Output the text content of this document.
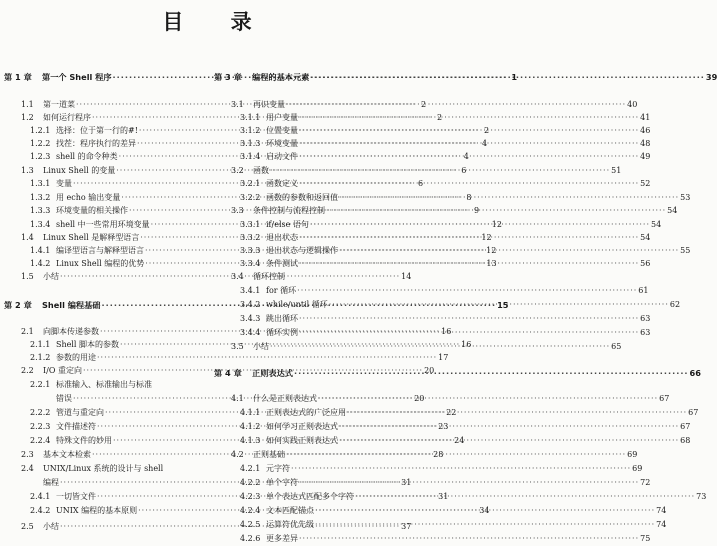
目 录
第 1 章	第一个 Shell 程序 ·····	1
1.1	第一道菜 ·····	2
1.2	如何运行程序 ·····	2
1.2.1 选择：位于第一行的#! ·····	2
1.2.2 找茬：程序执行的差异 ·····	4
1.2.3 shell 的命令种类 ·····	4
1.3	Linux Shell 的变量 ·····	6
1.3.1 变量 ·····	6
1.3.2 用 echo 输出变量 ·····	8
1.3.3 环境变量的相关操作 ·····	9
1.3.4 shell 中一些常用环境变量 ·····	12
1.4	Linux Shell 是解释型语言 ·····	12
1.4.1 编译型语言与解释型语言 ·····	12
1.4.2 Linux Shell 编程的优势 ·····	13
1.5	小结 ·····	14
第 2 章	Shell 编程基础 ·····	15
2.1	向脚本传递参数 ·····	16
2.1.1 Shell 脚本的参数 ·····	16
2.1.2 参数的用途 ·····	17
2.2	I/O 重定向 ·····	20
2.2.1 标准输入、标准输出与标准
错误 ·····	20
2.2.2 管道与重定向 ·····	22
2.2.3 文件描述符 ·····	23
2.2.4 特殊文件的妙用 ·····	24
2.3	基本文本检索 ·····	28
2.4	UNIX/Linux 系统的设计与 shell
编程 ·····	31
2.4.1 一切皆文件 ·····	31
2.4.2 UNIX 编程的基本原则 ·····	34
2.5	小结 ·····	37
第 3 章	编程的基本元素 ·····	39
3.1	再识变量 ·····	40
3.1.1 用户变量 ·····	41
3.1.2 位置变量 ·····	46
3.1.3 环境变量 ·····	48
3.1.4 启动文件 ·····	49
3.2	函数 ·····	51
3.2.1 函数定义 ·····	52
3.2.2 函数的参数和返回值 ·····	53
3.3	条件控制与流程控制 ·····	54
3.3.1 if/else 语句 ·····	54
3.3.2 退出状态 ·····	54
3.3.3 退出状态与逻辑操作 ·····	55
3.3.4 条件测试 ·····	56
3.4	循环控制
3.4.1 for 循环 ·····	61
3.4.2 while/until 循环 ·····	62
3.4.3 跳出循环 ·····	63
3.4.4 循环实例 ·····	63
3.5	小结 ·····	65
第 4 章	正则表达式 ·····	66
4.1	什么是正则表达式 ·····	67
4.1.1 正则表达式的广泛应用 ·····	67
4.1.2 如何学习正则表达式 ·····	67
4.1.3 如何实践正则表达式 ·····	68
4.2	正则基础 ·····	69
4.2.1 元字符 ·····	69
4.2.2 单个字符 ·····	72
4.2.3 单个表达式匹配多个字符 ·····	73
4.2.4 文本匹配锚点 ·····	74
4.2.5 运算符优先级 ·····	74
4.2.6 更多差异 ·····	75
